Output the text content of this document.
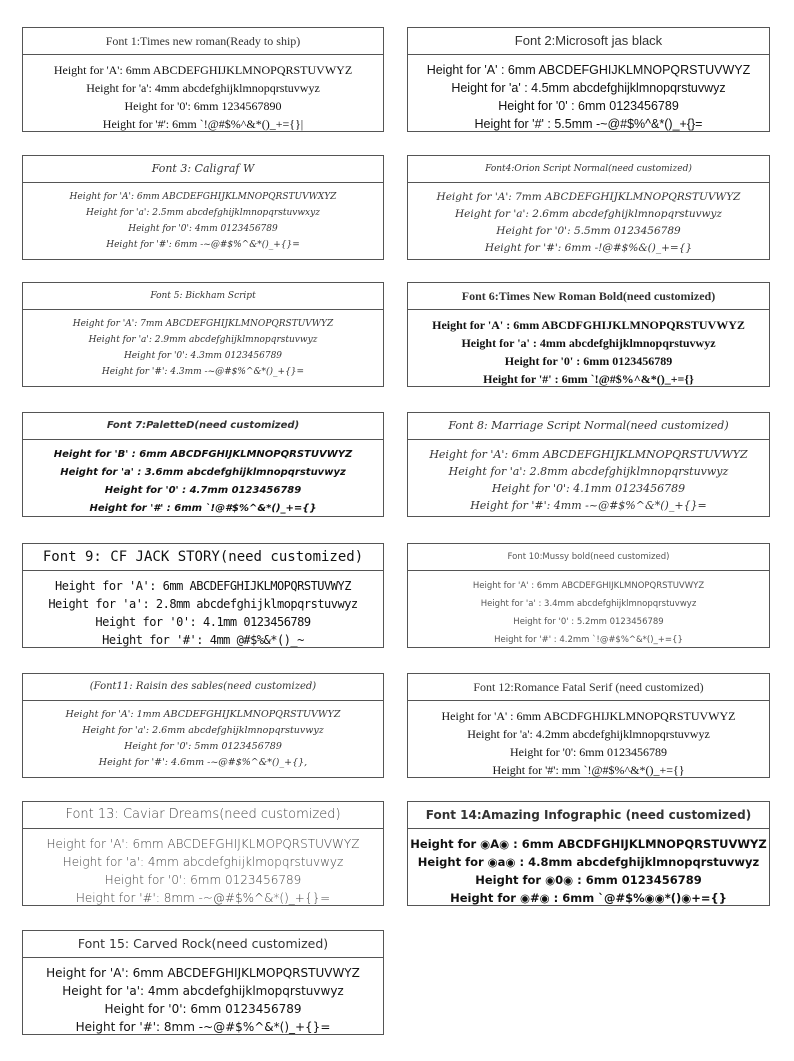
Font 1:Times new roman(Ready to ship)
Height for 'A': 6mm ABCDEFGHIJKLMNOPQRSTUVWYZ
Height for 'a': 4mm abcdefghijklmnopqrstuvwyz
Height for '0': 6mm 1234567890
Height for '#': 6mm `!@#$%^&*()_+={}|
Font 2:Microsoft jas black
Height for 'A' : 6mm ABCDEFGHIJKLMNOPQRSTUVWYZ
Height for 'a' : 4.5mm abcdefghijklmnopqrstuvwyz
Height for '0' : 6mm 0123456789
Height for '#' : 5.5mm -~@#$%^&*()_+{}=
Font 3: Caligraf W
Height for 'A': 6mm ABCDEFGHIJKLMNOPQRSTUVWXYZ
Height for 'a': 2.5mm abcdefghijklmnopqrstuvwxyz
Height for '0': 4mm 0123456789
Height for '#': 6mm -~@#$%^&*()_+{}=
Font4:Orion Script Normal(need customized)
Height for 'A': 7mm ABCDEFGHIJKLMNOPQRSTUVWYZ
Height for 'a': 2.6mm abcdefghijklmnopqrstuvwyz
Height for '0': 5.5mm 0123456789
Height for '#': 6mm -!@#$%&()_+={}
Font 5: Bickham Script
Height for 'A': 7mm ABCDEFGHIJKLMNOPQRSTUVWYZ
Height for 'a': 2.9mm abcdefghijklmnopqrstuvwyz
Height for '0': 4.3mm 0123456789
Height for '#': 4.3mm -~@#$%^&*()_+{}=
Font 6:Times New Roman Bold(need customized)
Height for 'A' : 6mm ABCDFGHIJKLMNOPQRSTUVWYZ
Height for 'a' : 4mm abcdefghijklmnopqrstuvwyz
Height for '0' : 6mm 0123456789
Height for '#' : 6mm `!@#$%^&*()_+={}
Font 7:PaletteD(need customized)
Height for 'B' : 6mm ABCDFGHIJKLMNOPQRSTUVWYZ
Height for 'a' : 3.6mm abcdefghijklmnopqrstuvwyz
Height for '0' : 4.7mm 0123456789
Height for '#' : 6mm `!@#$%^&*()_+={}
Font 8: Marriage Script Normal(need customized)
Height for 'A': 6mm ABCDEFGHIJKLMNOPQRSTUVWYZ
Height for 'a': 2.8mm abcdefghijklmnopqrstuvwyz
Height for '0': 4.1mm 0123456789
Height for '#': 4mm -~@#$%^&*()_+{}=
Font 9: CF JACK STORY(need customized)
Height for 'A': 6mm ABCDEFGHIJKLMOPQRSTUVWYZ
Height for 'a': 2.8mm abcdefghijklmopqrstuvwyz
Height for '0': 4.1mm 0123456789
Height for '#': 4mm @#$%&*()_~
Font 10:Mussy bold(need customized)
Height for 'A' : 6mm ABCDEFGHIJKLMNOPQRSTUVWYZ
Height for 'a' : 3.4mm abcdefghijklmnopqrstuvwyz
Height for '0' : 5.2mm 0123456789
Height for '#' : 4.2mm `!@#$%^&*()_+={}
(Font11: Raisin des sables(need customized)
Height for 'A': 1mm ABCDEFGHIJKLMNOPQRSTUVWYZ
Height for 'a': 2.6mm abcdefghijklmnopqrstuvwyz
Height for '0': 5mm 0123456789
Height for '#': 4.6mm -~@#$%^&*()_+{},
Font 12:Romance Fatal Serif (need customized)
Height for 'A' : 6mm ABCDFGHIJKLMNOPQRSTUVWYZ
Height for 'a': 4.2mm abcdefghijklmnopqrstuvwyz
Height for '0': 6mm 0123456789
Height for '#': mm `!@#$%^&*()_+={}
Font 13: Caviar Dreams(need customized)
Height for 'A': 6mm ABCDEFGHIJKLMOPQRSTUVWYZ
Height for 'a': 4mm abcdefghijklmopqrstuvwyz
Height for '0': 6mm 0123456789
Height for '#': 8mm -~@#$%^&*()_+{}=
Font 14:Amazing Infographic (need customized)
Height for ◉A◉ : 6mm ABCDFGHIJKLMNOPQRSTUVWYZ
Height for ◉a◉ : 4.8mm abcdefghijklmnopqrstuvwyz
Height for ◉0◉ : 6mm 0123456789
Height for ◉#◉ : 6mm `@#$%◉◉*()◉+={}
Font 15: Carved Rock(need customized)
Height for 'A': 6mm ABCDEFGHIJKLMOPQRSTUVWYZ
Height for 'a': 4mm abcdefghijklmopqrstuvwyz
Height for '0': 6mm 0123456789
Height for '#': 8mm -~@#$%^&*()_+{}=
